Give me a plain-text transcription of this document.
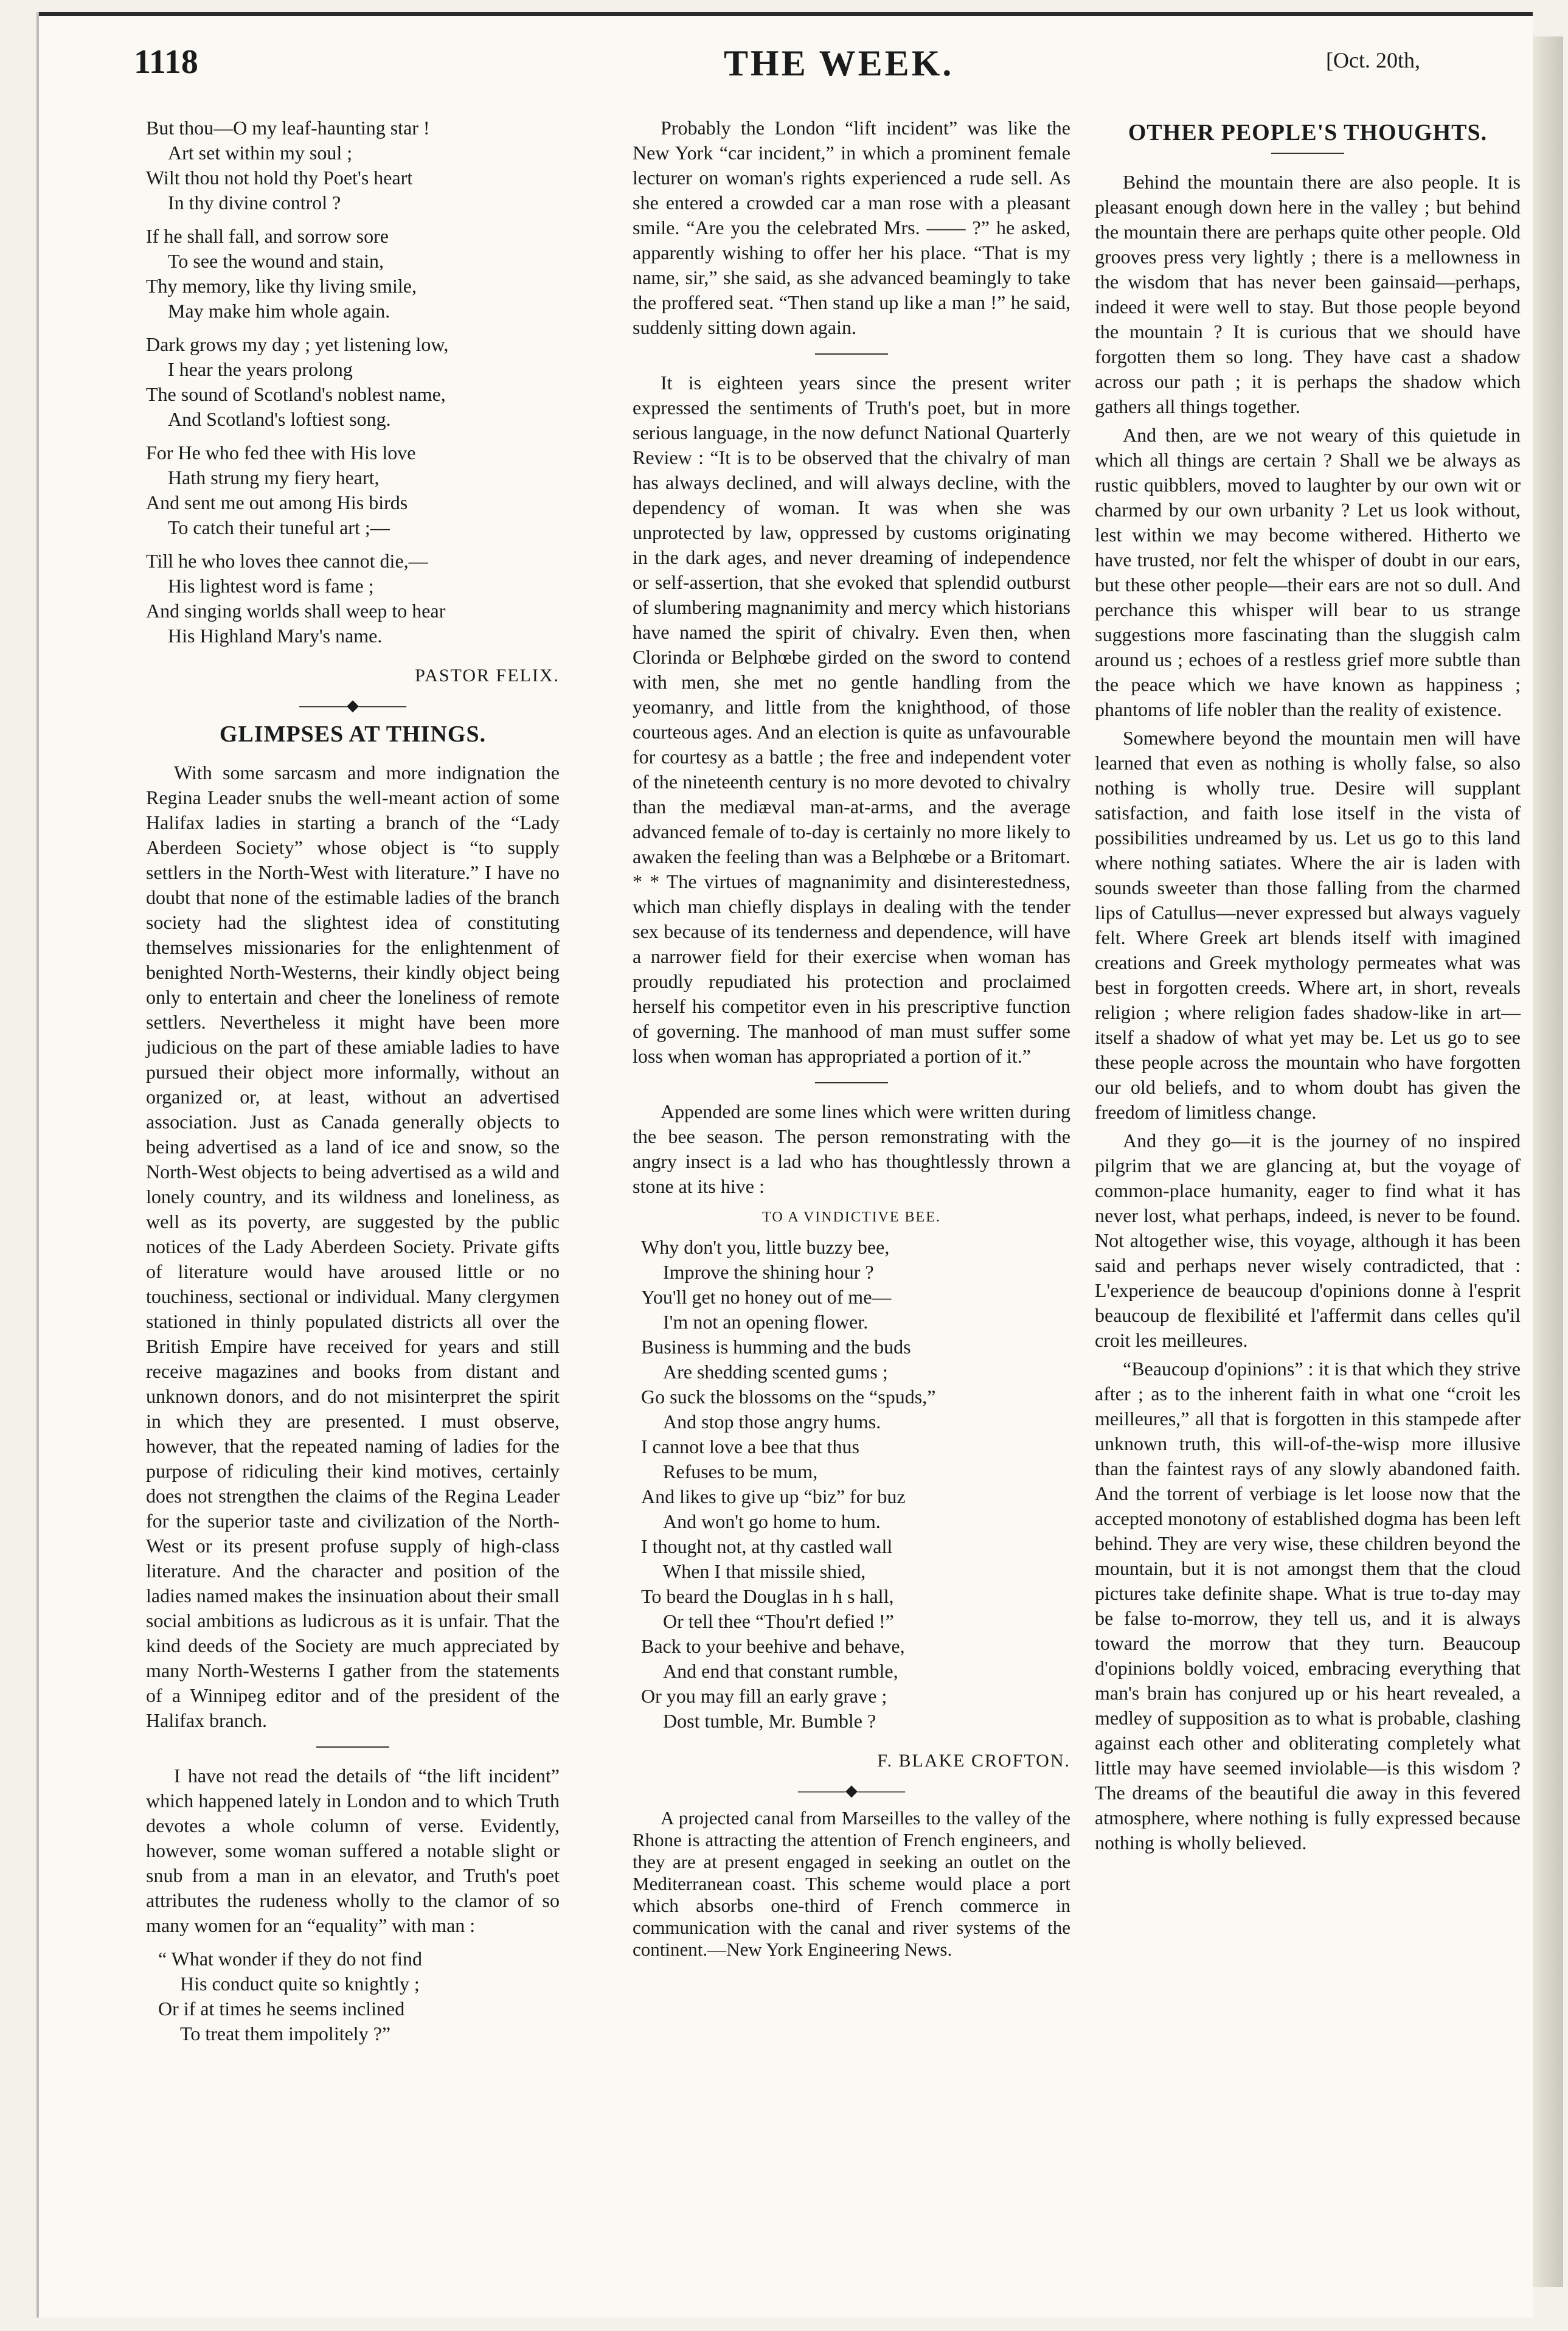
1118	THE WEEK.	[Oct. 20th,
But thou—O my leaf-haunting star !
Art set within my soul ;
Wilt thou not hold thy Poet's heart
In thy divine control ?

If he shall fall, and sorrow sore
To see the wound and stain,
Thy memory, like thy living smile,
May make him whole again.

Dark grows my day ; yet listening low,
I hear the years prolong
The sound of Scotland's noblest name,
And Scotland's loftiest song.

For He who fed thee with His love
Hath strung my fiery heart,
And sent me out among His birds
To catch their tuneful art ;—

Till he who loves thee cannot die,—
His lightest word is fame ;
And singing worlds shall weep to hear
His Highland Mary's name.
PASTOR FELIX.
———◆———
GLIMPSES AT THINGS.

With some sarcasm and more indignation the Regina Leader snubs the well-meant action of some Halifax ladies in starting a branch of the “Lady Aberdeen Society” whose object is “to supply settlers in the North-West with literature.” I have no doubt that none of the estimable ladies of the branch society had the slightest idea of constituting themselves missionaries for the enlightenment of benighted North-Westerns, their kindly object being only to entertain and cheer the loneliness of remote settlers. Nevertheless it might have been more judicious on the part of these amiable ladies to have pursued their object more informally, without an organized or, at least, without an advertised association. Just as Canada generally objects to being advertised as a land of ice and snow, so the North-West objects to being advertised as a wild and lonely country, and its wildness and loneliness, as well as its poverty, are suggested by the public notices of the Lady Aberdeen Society. Private gifts of literature would have aroused little or no touchiness, sectional or individual. Many clergymen stationed in thinly populated districts all over the British Empire have received for years and still receive magazines and books from distant and unknown donors, and do not misinterpret the spirit in which they are presented. I must observe, however, that the repeated naming of ladies for the purpose of ridiculing their kind motives, certainly does not strengthen the claims of the Regina Leader for the superior taste and civilization of the North-West or its present profuse supply of high-class literature. And the character and position of the ladies named makes the insinuation about their small social ambitions as ludicrous as it is unfair. That the kind deeds of the Society are much appreciated by many North-Westerns I gather from the statements of a Winnipeg editor and of the president of the Halifax branch.

I have not read the details of “the lift incident” which happened lately in London and to which Truth devotes a whole column of verse. Evidently, however, some woman suffered a notable slight or snub from a man in an elevator, and Truth's poet attributes the rudeness wholly to the clamor of so many women for an “equality” with man :

“ What wonder if they do not find
His conduct quite so knightly ;
Or if at times he seems inclined
To treat them impolitely ?”

Probably the London “lift incident” was like the New York “car incident,” in which a prominent female lecturer on woman's rights experienced a rude sell. As she entered a crowded car a man rose with a pleasant smile. “Are you the celebrated Mrs. —— ?” he asked, apparently wishing to offer her his place. “That is my name, sir,” she said, as she advanced beamingly to take the proffered seat. “Then stand up like a man !” he said, suddenly sitting down again.

It is eighteen years since the present writer expressed the sentiments of Truth's poet, but in more serious language, in the now defunct National Quarterly Review : “It is to be observed that the chivalry of man has always declined, and will always decline, with the dependency of woman. It was when she was unprotected by law, oppressed by customs originating in the dark ages, and never dreaming of independence or self-assertion, that she evoked that splendid outburst of slumbering magnanimity and mercy which historians have named the spirit of chivalry. Even then, when Clorinda or Belphœbe girded on the sword to contend with men, she met no gentle handling from the yeomanry, and little from the knighthood, of those courteous ages. And an election is quite as unfavourable for courtesy as a battle ; the free and independent voter of the nineteenth century is no more devoted to chivalry than the mediæval man-at-arms, and the average advanced female of to-day is certainly no more likely to awaken the feeling than was a Belphœbe or a Britomart. * * The virtues of magnanimity and disinterestedness, which man chiefly displays in dealing with the tender sex because of its tenderness and dependence, will have a narrower field for their exercise when woman has proudly repudiated his protection and proclaimed herself his competitor even in his prescriptive function of governing. The manhood of man must suffer some loss when woman has appropriated a portion of it.”

Appended are some lines which were written during the bee season. The person remonstrating with the angry insect is a lad who has thoughtlessly thrown a stone at its hive :

TO A VINDICTIVE BEE.
Why don't you, little buzzy bee,
Improve the shining hour ?
You'll get no honey out of me—
I'm not an opening flower.
Business is humming and the buds
Are shedding scented gums ;
Go suck the blossoms on the “spuds,”
And stop those angry hums.
I cannot love a bee that thus
Refuses to be mum,
And likes to give up “biz” for buz
And won't go home to hum.
I thought not, at thy castled wall
When I that missile shied,
To beard the Douglas in h s hall,
Or tell thee “Thou'rt defied !”
Back to your beehive and behave,
And end that constant rumble,
Or you may fill an early grave ;
Dost tumble, Mr. Bumble ?
F. BLAKE CROFTON.
———◆———

A projected canal from Marseilles to the valley of the Rhone is attracting the attention of French engineers, and they are at present engaged in seeking an outlet on the Mediterranean coast. This scheme would place a port which absorbs one-third of French commerce in communication with the canal and river systems of the continent.—New York Engineering News.

OTHER PEOPLE'S THOUGHTS.

Behind the mountain there are also people. It is pleasant enough down here in the valley ; but behind the mountain there are perhaps quite other people. Old grooves press very lightly ; there is a mellowness in the wisdom that has never been gainsaid—perhaps, indeed it were well to stay. But those people beyond the mountain ? It is curious that we should have forgotten them so long. They have cast a shadow across our path ; it is perhaps the shadow which gathers all things together.

And then, are we not weary of this quietude in which all things are certain ? Shall we be always as rustic quibblers, moved to laughter by our own wit or charmed by our own urbanity ? Let us look without, lest within we may become withered. Hitherto we have trusted, nor felt the whisper of doubt in our ears, but these other people—their ears are not so dull. And perchance this whisper will bear to us strange suggestions more fascinating than the sluggish calm around us ; echoes of a restless grief more subtle than the peace which we have known as happiness ; phantoms of life nobler than the reality of existence.

Somewhere beyond the mountain men will have learned that even as nothing is wholly false, so also nothing is wholly true. Desire will supplant satisfaction, and faith lose itself in the vista of possibilities undreamed by us. Let us go to this land where nothing satiates. Where the air is laden with sounds sweeter than those falling from the charmed lips of Catullus—never expressed but always vaguely felt. Where Greek art blends itself with imagined creations and Greek mythology permeates what was best in forgotten creeds. Where art, in short, reveals religion ; where religion fades shadow-like in art—itself a shadow of what yet may be. Let us go to see these people across the mountain who have forgotten our old beliefs, and to whom doubt has given the freedom of limitless change.

And they go—it is the journey of no inspired pilgrim that we are glancing at, but the voyage of common-place humanity, eager to find what it has never lost, what perhaps, indeed, is never to be found. Not altogether wise, this voyage, although it has been said and perhaps never wisely contradicted, that : L'experience de beaucoup d'opinions donne à l'esprit beaucoup de flexibilité et l'affermit dans celles qu'il croit les meilleures.

“Beaucoup d'opinions” : it is that which they strive after ; as to the inherent faith in what one “croit les meilleures,” all that is forgotten in this stampede after unknown truth, this will-of-the-wisp more illusive than the faintest rays of any slowly abandoned faith. And the torrent of verbiage is let loose now that the accepted monotony of established dogma has been left behind. They are very wise, these children beyond the mountain, but it is not amongst them that the cloud pictures take definite shape. What is true to-day may be false to-morrow, they tell us, and it is always toward the morrow that they turn. Beaucoup d'opinions boldly voiced, embracing everything that man's brain has conjured up or his heart revealed, a medley of supposition as to what is probable, clashing against each other and obliterating completely what little may have seemed inviolable—is this wisdom ? The dreams of the beautiful die away in this fevered atmosphere, where nothing is fully expressed because nothing is wholly believed.
